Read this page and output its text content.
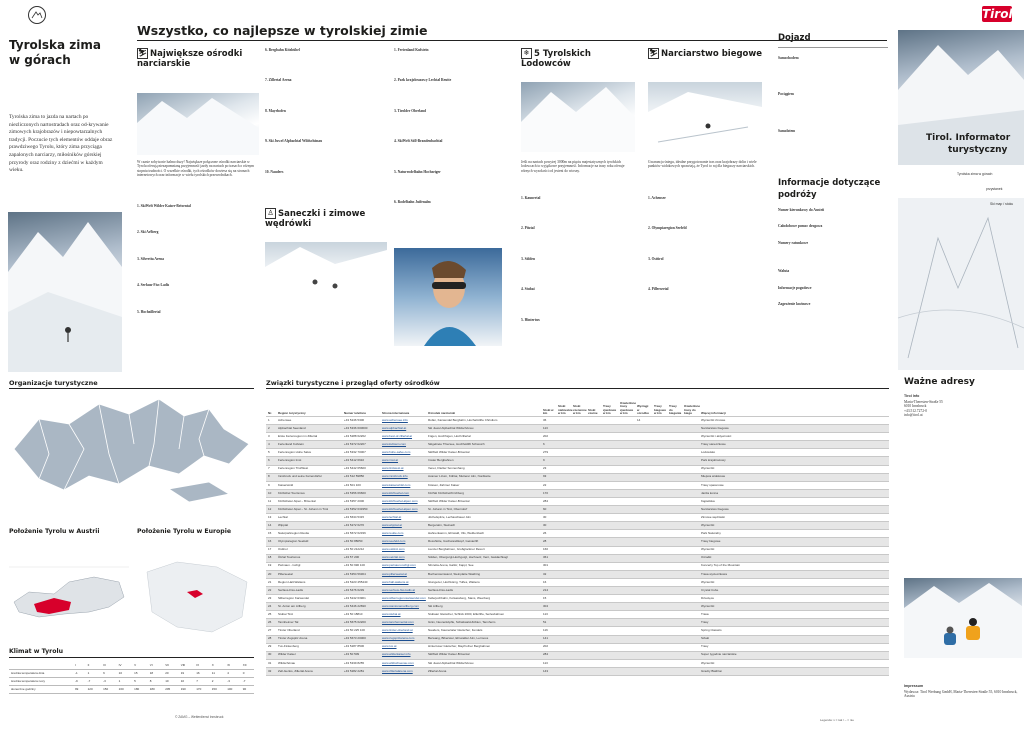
Tyrolska zima
w górach
Tyrolska zima to jazda na nartach po niezliczonych nartostradach oraz od-krywanie zimowych krajobrazów i niepowtarzalnych tradycji. Poczucie tych elementów oddaje obraz prawdziwego Tyrolu, który zima przyciąga zapalonych narciarzy, miłośników górskiej przyrody oraz rodziny z dziećmi w każdym wieku.
Wszystko, co najlepsze w tyrolskiej zimie
⛷ Największe ośrodki narciarskie
W czasie sobytu nie halmo duzy! Największe połączone ośrodki narciarskie w Tyrolu oferują niezapomnianą przyjemność jazdy na nartach po trasach o różnym stopniu trudności. O wszelkie ośrodki, tych ośrodków dowiesz się na stronach internetowych oraz informacje w wielu tyrolskich przewodnikach.
1. SkiWelt Wilder Kaiser-Brixental
2. Ski Arlberg
3. Silvretta Arena
4. Serfaus-Fiss-Ladis
5. Hochzillertal
6. Bergbahn Kitzbühel
7. Zillertal Arena
8. Mayrhofen
9. Ski Juwel Alpbachtal Wildschönau
10. Nauders
♙ Saneczki i zimowe wędrówki
1. Ferienland Kufstein
2. Park krajobrazowy Lechtal Reutte
3. Tirolder Oberland
4. SkiWelt Söll-Brandenbachtal
5. Naturrodelbahn Hochzeiger
6. Rodelbahn Juifenalm
❄ 5 Tyrolskich Lodowców
Jeśli na nartach powyżej 3000m na pięciu majestatycznych tyrolskich lodowcach to wyjątkowe przyjemność. Informacje na trasy roku oferuje różnych wysokości od jesieni do wiosny.
1. Kaunertal
2. Pitztal
3. Sölden
4. Stubai
5. Hintertux
⛷ Narciarstwo biegowe
Gwarancja śniegu, idealne przygotowanie tras oraz krajobrazy dolin i wiele punktów widokowych sprawiają, że Tyrol to raj dla biegaczy narciarskich.
1. Achensee
2. Olympiaregion Seefeld
3. Osttirol
4. Pillerseetal
Dojazd
Samochodem
Pociągiem
Samolotem
Informacje dotyczące
podróży
Numer kierunkowy do Austrii
Całodobowe pomoc drogowa
Numery ratunkowe
Waluta
Informacje pogodowe
Zagrożenie lawinowe
Tirol
Tirol. Informator
turystyczny
Tyrolska zima w górach
przystanek
Ski map / stoku
Organizacje turystyczne
Położenie Tyrolu w Austrii	Położenie Tyrolu w Europie
Klimat w Tyrolu
	I	II	III	IV	V	VI	VII	VIII	IX	X	XI	XII
średnia temperatura dnia	-1	1	6	10	15	18	20	19	16	11	4	0
średnia temperatura nocy	-9	-7	-3	1	5	8	10	10	7	2	-3	-7
słoneczne godziny	99	120	150	160	180	180	205	190	170	150	100	90
© ZAMG – Wetterdienst Innsbruck
Związki turystyczne i przegląd oferty ośrodków
Nr.	Region turystyczny	Numer telefonu	Strona internetowa	Ośrodek narciarski	Stoki w km	Stoki niebieskie w km	Stoki czerwone w km	Stoki czarne	Trasy zjazdowe w km	Oświetlone trasy zjazdowe w km	Wyciągi w ośrodku	Trasy biegowe w km	Trasy do biegania	Oświetlone trasy do biegu	Więcej informacji
1	Achensee	+43 5246 5300	www.achensee.info	Rofan, Karwendel Bergbahn, Hochalmlifte Christlum	36						14				Wycieczki zimowe
2	Alpbachtal Seenland	+43 5336 600600	www.alpbachtal.at	Ski Juwel Alpbachtal Wildschönau	113										Narciarstwo biegowe
3	Erste Ferienregion im Zillertal	+43 5288 62262	www.best-of-zillertal.at	Fügen, Hochfügen, Hochzillertal	202										Wycieczki i aktywności
4	Ferienland Kufstein	+43 5372 62207	www.kufstein.com	Skigebiete Thiersee, Hochfeldlift Schwoich	6										Trasy saneczkowe
5	Ferienregion Hohe Salve	+43 5332 70007	www.hohe-salve.com	SkiWelt Wilder Kaiser-Brixental	279										Lodowisko
6	Ferienregion Imst	+43 5412 6910	www.imst.at	Imster Bergbahnen	9										Park krajobrazowy
7	Ferienregion TirolWest	+43 5442 65600	www.tirolwest.at	Venet, Fließer Sonnenhang	23										Wycieczki
8	Innsbruck und seine Feriendörfer	+43 512 59850	www.innsbruck.info	Axamer Lizum, Kühtai, Mutterer Alm, Nordkette	93										Miejsca widokowe
9	Kaiserwinkl	+43 501 100	www.kaiserwinkl.com	Kössen, Zahmer Kaiser	22										Trasy spacerowe
10	Kitzbühel Tourismus	+43 5356 66660	www.kitzbuehel.com	KitzSki Kitzbühel/Kirchberg	170										Jazda konna
11	Kitzbüheler Alpen - Brixental	+43 5357 2000	www.kitzbuehel-alpen.com	SkiWelt Wilder Kaiser-Brixental	284										Kąpieliska
12	Kitzbüheler Alpen - St. Johann in Tirol	+43 5352 633350	www.kitzbuehel-alpen.com	St. Johann in Tirol, Oberndorf	60										Narciarstwo biegowe
13	Lechtal	+43 5634 5315	www.lechtal.at	Jöchelspitze, Lechaschauer Alm	30										Zimowe wędrówki
14	Wipptal	+43 5272 6270	www.wipptal.at	Bergeralm, Steinach	30										Wycieczki
15	Naturparkregion Reutte	+43 5672 62336	www.reutte.com	Hahnenkamm, Ehrwald, Vils, Weißenbach	26										Park Naturalny
16	Olympiaregion Seefeld	+43 50 88050	www.seefeld.com	Rosshütte, Gschwandtkopf, Geisterlift	28										Trasy biegowe
17	Osttirol	+43 50 212212	www.osttirol.com	Lienzer Bergbahnen, Großglockner Resort	160										Wycieczki
18	Ötztal Tourismus	+43 57 200	www.oetztal.com	Sölden, Obergurgl-Hochgurgl, Hochoetz, Vent, Gaislachkogl	361										Ośrodki
19	Paznaun - Ischgl	+43 50 990 100	www.paznaun-ischgl.com	Silvretta Arena, Galtür, Kappl, See	301										Koncerty Top of the Mountain
20	Pillerseetal	+43 5354 56304	www.pillerseetal.at	Buchensteinwand, Steinplatte Waidring	32										Trasa wycieczkowa
21	Region Hall-Wattens	+43 5223 455440	www.hall-wattens.at	Glungezer, Hochkönig, Tulfes, Wattens	16										Wycieczki
22	Serfaus-Fiss-Ladis	+43 5476 6239	www.serfaus-fiss-ladis.at	Serfaus-Fiss-Ladis	214										Crystal Cube
23	Silberregion Karwendel	+43 5242 63901	www.silberregion-karwendel.com	Kellerjochbahn, Kolsassberg, Stans, Weerberg	15										Dziecięce
24	St. Anton am Arlberg	+43 5446 22690	www.stantonamarlberg.com	Ski Arlberg	304										Wycieczki
25	Stubai Tirol	+43 50 18810	www.stubai.at	Stubaier Gletscher, Schlick 2000, Elferlifte, Serlesbahnen	113										Trasa
26	Tannheimer Tal	+43 5675 62200	www.tannheimertal.com	Grän, Neunerköpfle, Schattwald-Zöblen, Tannheim	51										Trasy
27	Tiroler Oberland	+43 50 225 100	www.tiroler-oberland.at	Nauders, Kaunertaler Gletscher, Fendels	116										Spring Classics
28	Tiroler Zugspitz Arena	+43 5673 20000	www.zugspitzarena.com	Berwang, Biberwier, Ehrwalder Alm, Lermoos	141										Szlaki
29	Tux-Finkenberg	+43 5287 8506	www.tux.at	Hintertuxer Gletscher, Mayrhofner Bergbahnen	202										Trasy
30	Wilder Kaiser	+43 50 509	www.wilderkaiser.info	SkiWelt Wilder Kaiser-Brixental	284										Super tygodnie narciarskie
31	Wildschönau	+43 5339 8255	www.wildschoenau.com	Ski Juwel Alpbachtal Wildschönau	113										Wycieczki
32	Zell-Gerlos, Zillertal Arena	+43 5282 2281	www.zillertalarena.com	Zillertal Arena	143										Gravity Biathlon
Legenda: x = tak / – = nie
Ważne adresy
Tirol Info
Maria-Theresien-Straße 55
6010 Innsbruck
+43.512.7272-0
info@tirol.at
Impressum
Wydawca: Tirol Werbung GmbH, Maria-Theresien-Straße 55, 6010 Innsbruck, Austria
